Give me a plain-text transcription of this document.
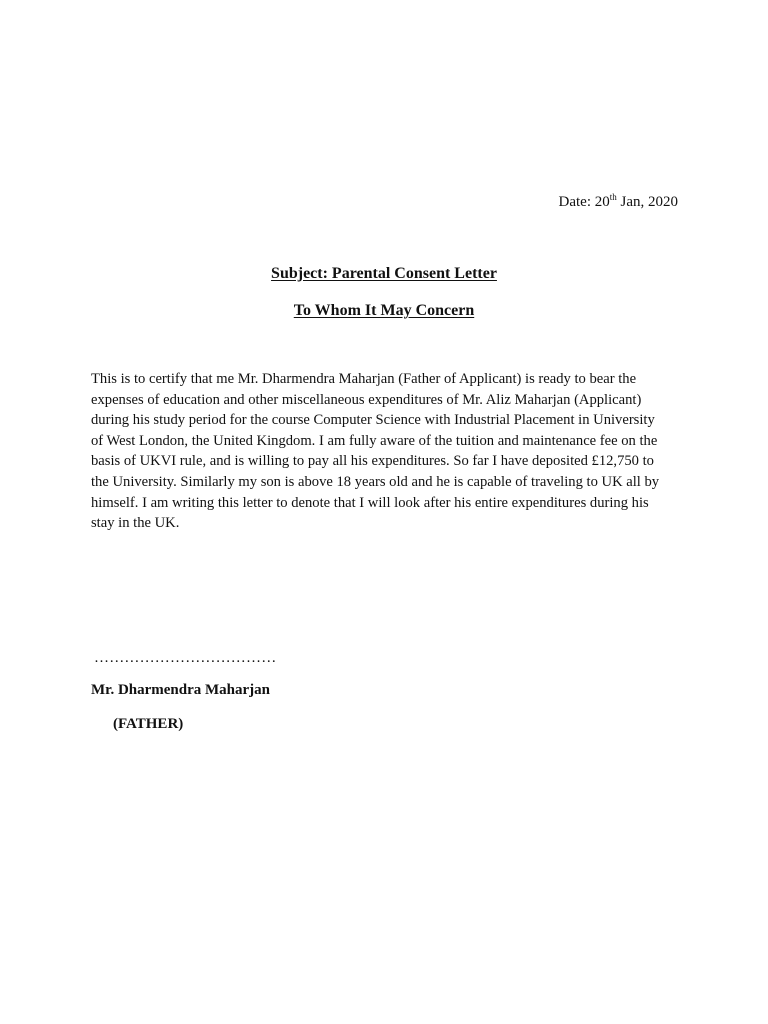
Date: 20th Jan, 2020
Subject: Parental Consent Letter
To Whom It May Concern
This is to certify that me Mr. Dharmendra Maharjan (Father of Applicant) is ready to bear the
expenses of education and other miscellaneous expenditures of Mr. Aliz Maharjan (Applicant)
during his study period for the course Computer Science with Industrial Placement in University
of West London, the United Kingdom. I am fully aware of the tuition and maintenance fee on the
basis of UKVI rule, and is willing to pay all his expenditures. So far I have deposited £12,750 to
the University. Similarly my son is above 18 years old and he is capable of traveling to UK all by
himself. I am writing this letter to denote that I will look after his entire expenditures during his
stay in the UK.
………………………………
Mr. Dharmendra Maharjan
(FATHER)
